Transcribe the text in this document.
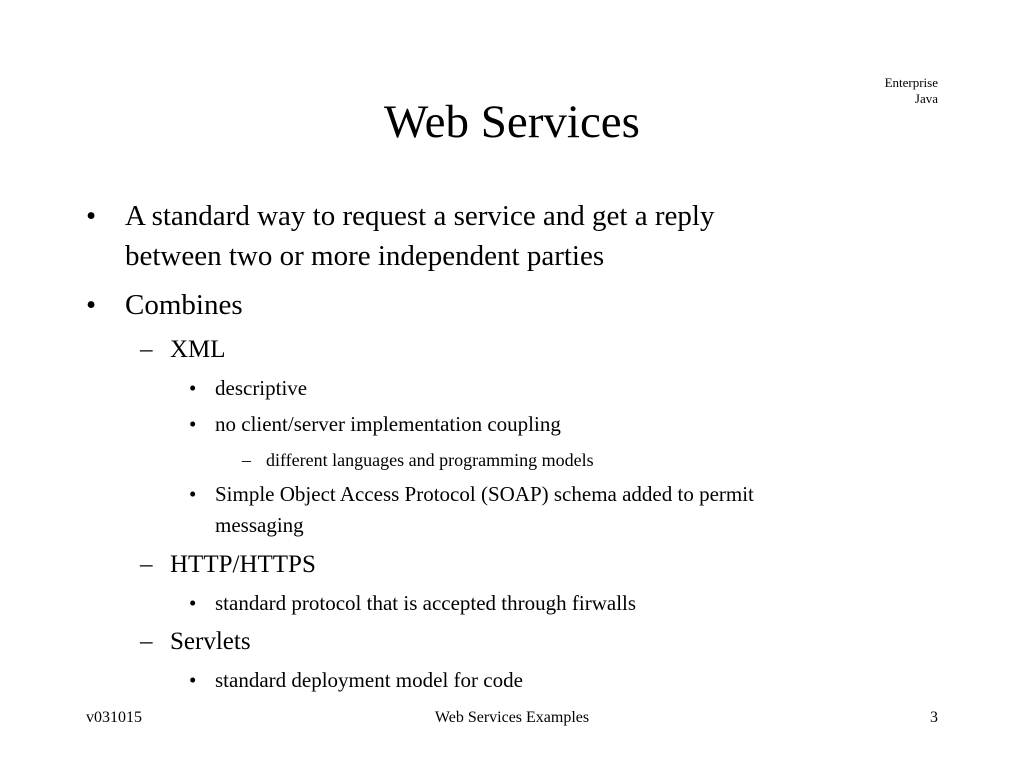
Enterprise
Java
Web Services
• A standard way to request a service and get a reply
between two or more independent parties
• Combines
– XML
• descriptive
• no client/server implementation coupling
– different languages and programming models
• Simple Object Access Protocol (SOAP) schema added to permit
messaging
– HTTP/HTTPS
• standard protocol that is accepted through firwalls
– Servlets
• standard deployment model for code
v031015	Web Services Examples	3
